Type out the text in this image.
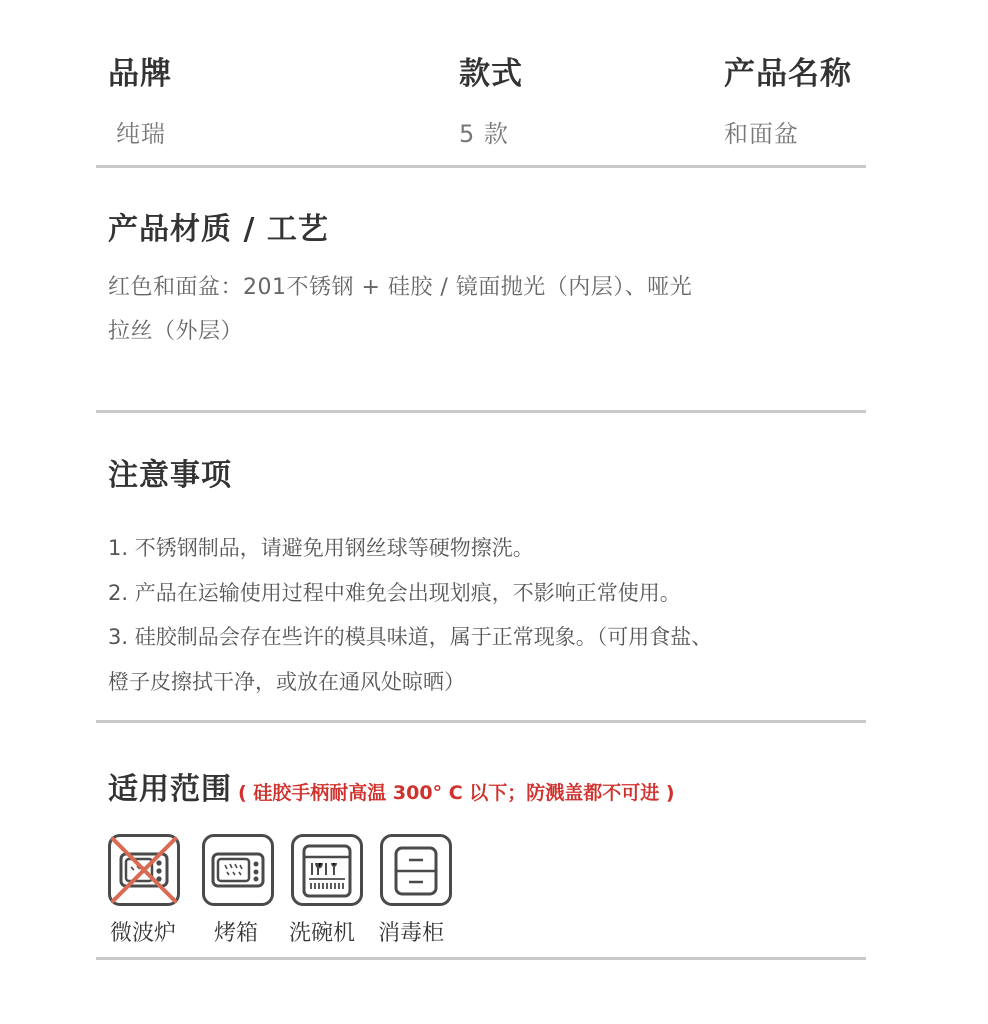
品牌	款式	产品名称
纯瑞	5 款	和面盆
产品材质 / 工艺
红色和面盆：201不锈钢 + 硅胶 / 镜面抛光（内层）、哑光
拉丝（外层）
注意事项
1. 不锈钢制品，请避免用钢丝球等硬物擦洗。
2. 产品在运输使用过程中难免会出现划痕，不影响正常使用。
3. 硅胶制品会存在些许的模具味道，属于正常现象。（可用食盐、
橙子皮擦拭干净，或放在通风处晾晒）
适用范围 ( 硅胶手柄耐高温 300° C 以下；防溅盖都不可进 )
微波炉 烤箱 洗碗机 消毒柜
